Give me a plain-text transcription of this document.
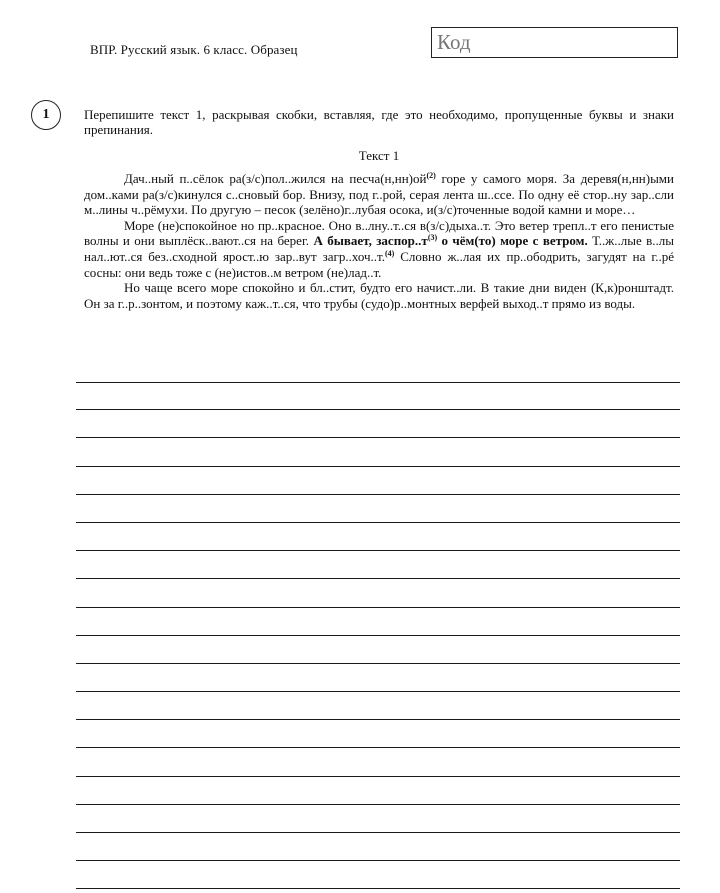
ВПР. Русский язык. 6 класс. Образец	Код
1	Перепишите текст 1, раскрывая скобки, вставляя, где это необходимо, пропущенные буквы и знаки препинания.
Текст 1

Дач..ный п..сёлок ра(з/с)пол..жился на $песча(н,нн)ой^{(2)}$ горе у самого моря. За деревя(н,нн)ыми дом..ками ра(з/с)кинулся с..сновый бор. Внизу, под г..рой, серая лента ш..ссе. По одну её стор..ну зар..сли м..лины ч..рёмухи. По другую – песок (зелёно)г..лубая осока, и(з/с)точенные водой камни и море…

Море (не)спокойное но пр..красное. Оно в..лну..т..ся в(з/с)дыха..т. Это ветер трепл..т его пенистые волны и они выплёск..вают..ся на берег. А бывает, $заспор..т^{(3)}$ о чём(то) море с ветром. Т..ж..лые в..лы нал..ют..ся без..сходной ярост..ю зар..вут загр..хоч..т.$^{(4)}$ Словно ж..лая их пр..ободрить, загудят на г..рé сосны: они ведь тоже с (не)истов..м ветром (не)лад..т.

Но чаще всего море спокойно и бл..стит, будто его начист..ли. В такие дни виден (К,к)ронштадт. Он за г..р..зонтом, и поэтому каж..т..ся, что трубы (судо)р..монтных верфей выход..т прямо из воды.
